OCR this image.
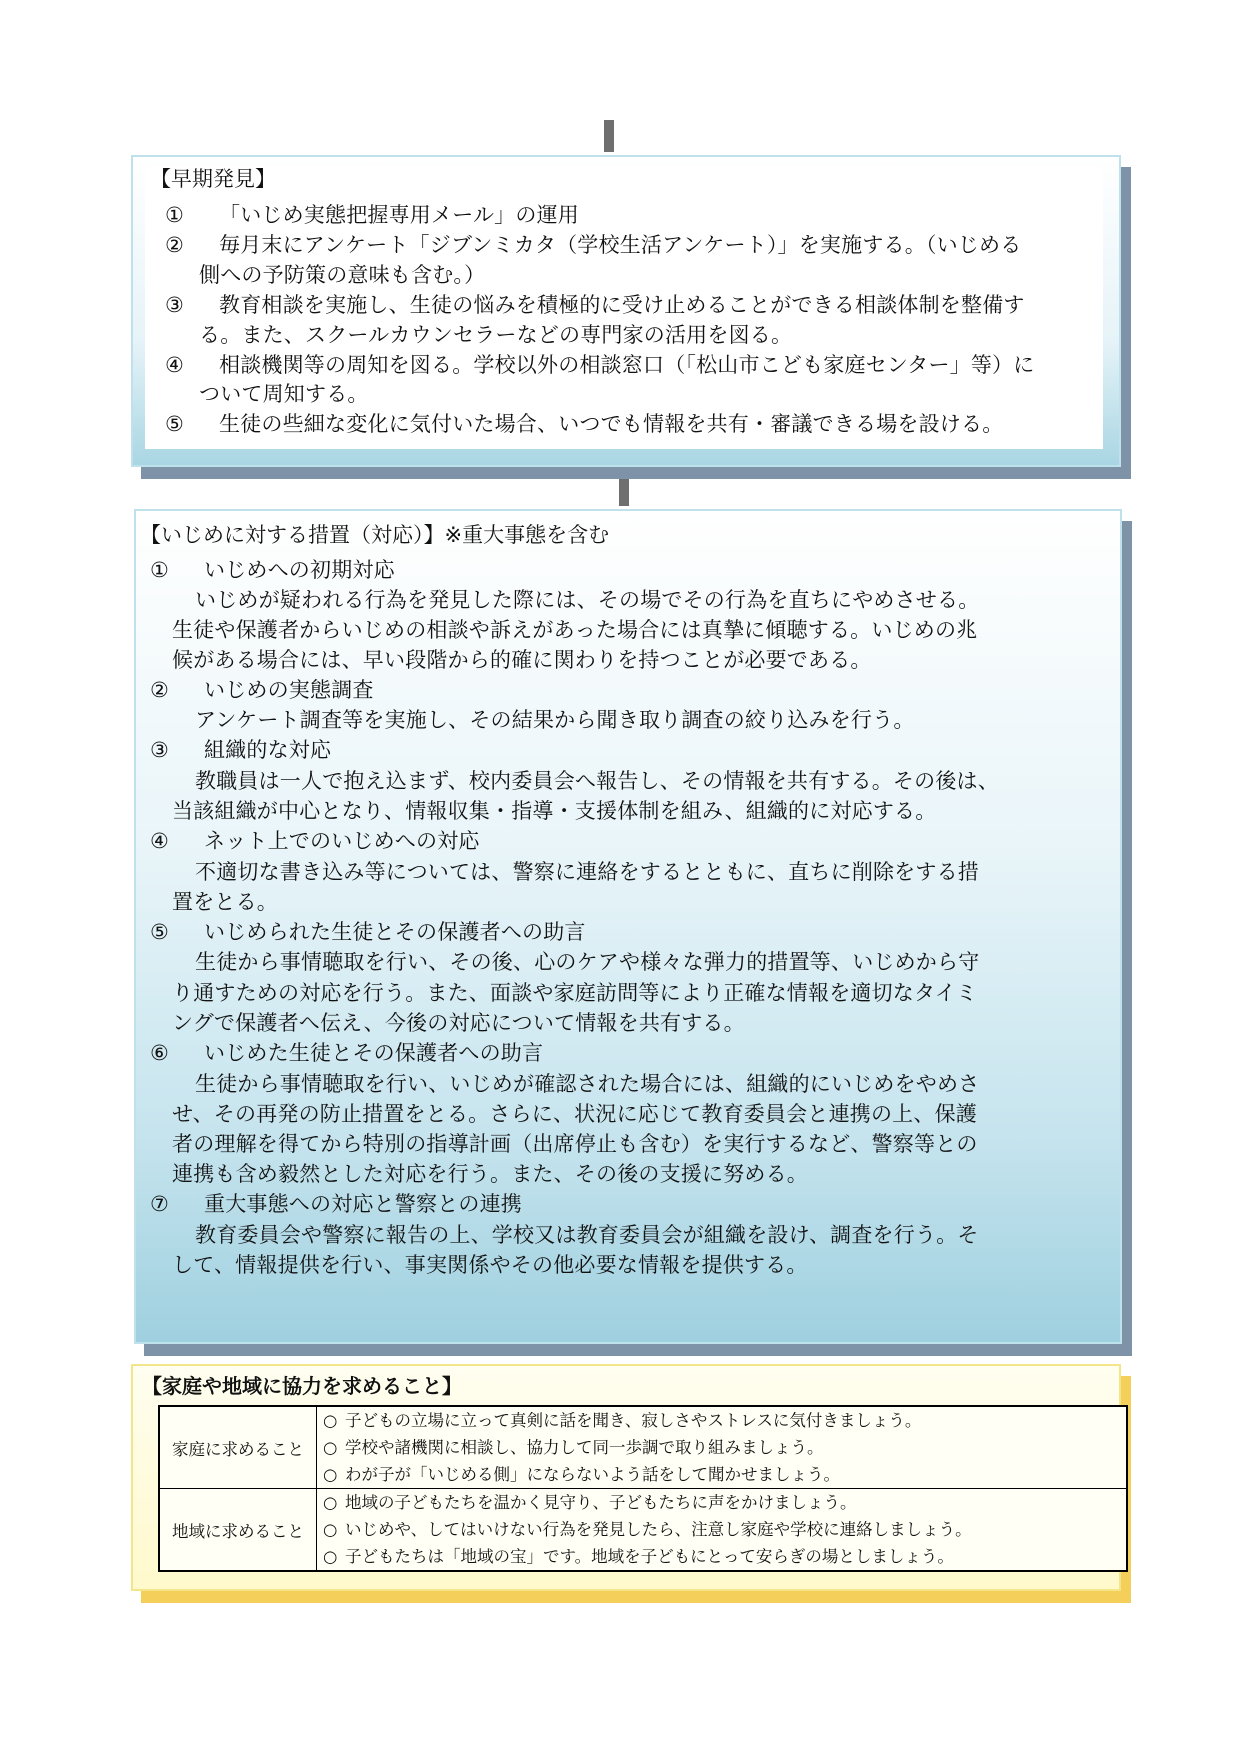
【早期発見】
① 「いじめ実態把握専用メール」の運用
② 毎月末にアンケート「ジブンミカタ（学校生活アンケート）」を実施する。（いじめる
側への予防策の意味も含む。）
③ 教育相談を実施し、生徒の悩みを積極的に受け止めることができる相談体制を整備す
る。また、スクールカウンセラーなどの専門家の活用を図る。
④ 相談機関等の周知を図る。学校以外の相談窓口（「松山市こども家庭センター」等）に
ついて周知する。
⑤ 生徒の些細な変化に気付いた場合、いつでも情報を共有・審議できる場を設ける。
【いじめに対する措置（対応）】※重大事態を含む
① いじめへの初期対応
いじめが疑われる行為を発見した際には、その場でその行為を直ちにやめさせる。
生徒や保護者からいじめの相談や訴えがあった場合には真摯に傾聴する。いじめの兆
候がある場合には、早い段階から的確に関わりを持つことが必要である。
② いじめの実態調査
アンケート調査等を実施し、その結果から聞き取り調査の絞り込みを行う。
③ 組織的な対応
教職員は一人で抱え込まず、校内委員会へ報告し、その情報を共有する。その後は、
当該組織が中心となり、情報収集・指導・支援体制を組み、組織的に対応する。
④ ネット上でのいじめへの対応
不適切な書き込み等については、警察に連絡をするとともに、直ちに削除をする措
置をとる。
⑤ いじめられた生徒とその保護者への助言
生徒から事情聴取を行い、その後、心のケアや様々な弾力的措置等、いじめから守
り通すための対応を行う。また、面談や家庭訪問等により正確な情報を適切なタイミ
ングで保護者へ伝え、今後の対応について情報を共有する。
⑥ いじめた生徒とその保護者への助言
生徒から事情聴取を行い、いじめが確認された場合には、組織的にいじめをやめさ
せ、その再発の防止措置をとる。さらに、状況に応じて教育委員会と連携の上、保護
者の理解を得てから特別の指導計画（出席停止も含む）を実行するなど、警察等との
連携も含め毅然とした対応を行う。また、その後の支援に努める。
⑦ 重大事態への対応と警察との連携
教育委員会や警察に報告の上、学校又は教育委員会が組織を設け、調査を行う。そ
して、情報提供を行い、事実関係やその他必要な情報を提供する。
【家庭や地域に協力を求めること】
家庭に求めること	○ 子どもの立場に立って真剣に話を聞き、寂しさやストレスに気付きましょう。
○ 学校や諸機関に相談し、協力して同一歩調で取り組みましょう。
○ わが子が「いじめる側」にならないよう話をして聞かせましょう。

地域に求めること	○ 地域の子どもたちを温かく見守り、子どもたちに声をかけましょう。
○ いじめや、してはいけない行為を発見したら、注意し家庭や学校に連絡しましょう。
○ 子どもたちは「地域の宝」です。地域を子どもにとって安らぎの場としましょう。
